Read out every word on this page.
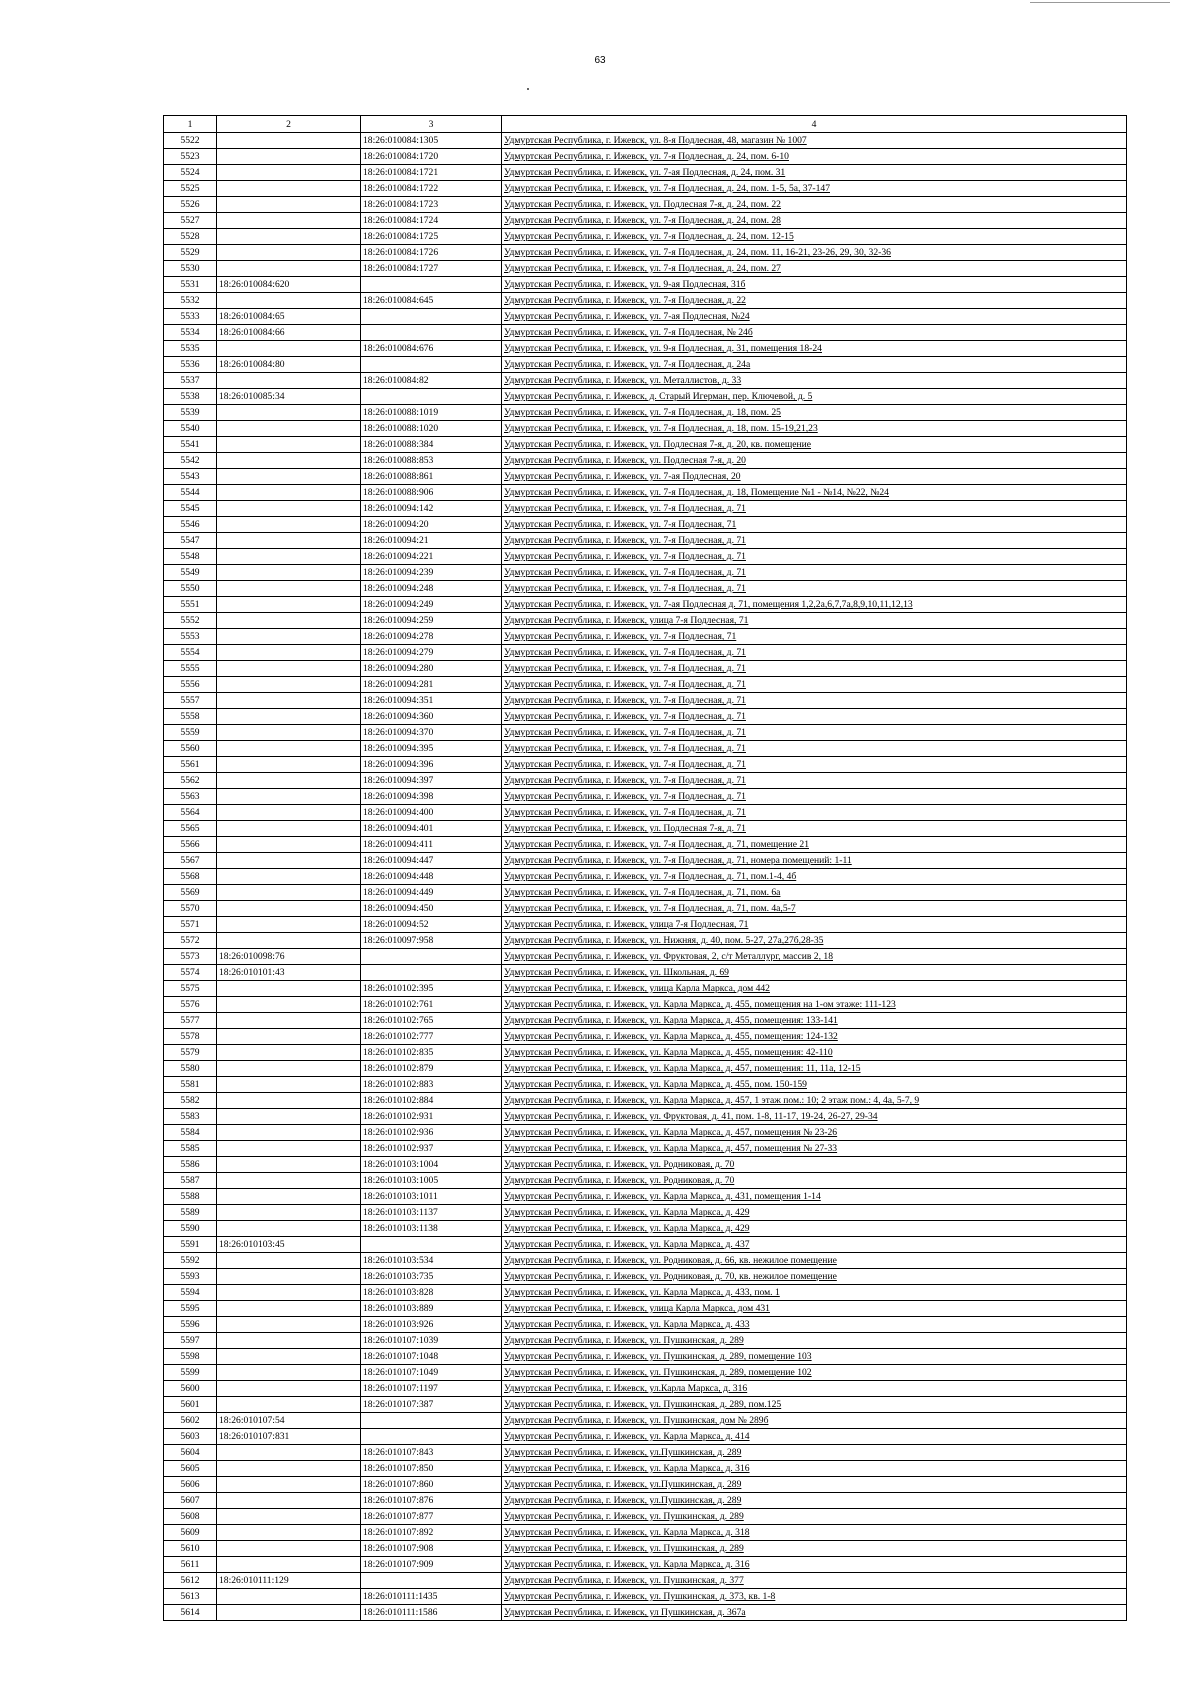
63
1	2	3	4
5522		18:26:010084:1305	Удмуртская Республика, г. Ижевск, ул. 8-я Подлесная, 48, магазин № 1007
5523		18:26:010084:1720	Удмуртская Республика, г. Ижевск, ул. 7-я Подлесная, д. 24, пом. 6-10
5524		18:26:010084:1721	Удмуртская Республика, г. Ижевск, ул. 7-ая Подлесная, д. 24, пом. 31
5525		18:26:010084:1722	Удмуртская Республика, г. Ижевск, ул. 7-я Подлесная, д. 24, пом. 1-5, 5а, 37-147
5526		18:26:010084:1723	Удмуртская Республика, г. Ижевск, ул. Подлесная 7-я, д. 24, пом. 22
5527		18:26:010084:1724	Удмуртская Республика, г. Ижевск, ул. 7-я Подлесная, д. 24, пом. 28
5528		18:26:010084:1725	Удмуртская Республика, г. Ижевск, ул. 7-я Подлесная, д. 24, пом. 12-15
5529		18:26:010084:1726	Удмуртская Республика, г. Ижевск, ул. 7-я Подлесная, д. 24, пом. 11, 16-21, 23-26, 29, 30, 32-36
5530		18:26:010084:1727	Удмуртская Республика, г. Ижевск, ул. 7-я Подлесная, д. 24, пом. 27
5531	18:26:010084:620		Удмуртская Республика, г. Ижевск, ул. 9-ая Подлесная, 31б
5532		18:26:010084:645	Удмуртская Республика, г. Ижевск, ул. 7-я Подлесная, д. 22
5533	18:26:010084:65		Удмуртская Республика, г. Ижевск, ул. 7-ая Подлесная, №24
5534	18:26:010084:66		Удмуртская Республика, г. Ижевск, ул. 7-я Подлесная, № 24б
5535		18:26:010084:676	Удмуртская Республика, г. Ижевск, ул. 9-я Подлесная, д. 31, помещения 18-24
5536	18:26:010084:80		Удмуртская Республика, г. Ижевск, ул. 7-я Подлесная, д. 24а
5537		18:26:010084:82	Удмуртская Республика, г. Ижевск, ул. Металлистов, д. 33
5538	18:26:010085:34		Удмуртская Республика, г. Ижевск, д. Старый Игерман, пер. Ключевой, д. 5
5539		18:26:010088:1019	Удмуртская Республика, г. Ижевск, ул. 7-я Подлесная, д. 18, пом. 25
5540		18:26:010088:1020	Удмуртская Республика, г. Ижевск, ул. 7-я Подлесная, д. 18, пом. 15-19,21,23
5541		18:26:010088:384	Удмуртская Республика, г. Ижевск, ул. Подлесная 7-я, д. 20, кв. помещение
5542		18:26:010088:853	Удмуртская Республика, г. Ижевск, ул. Подлесная 7-я, д. 20
5543		18:26:010088:861	Удмуртская Республика, г. Ижевск, ул. 7-ая Подлесная, 20
5544		18:26:010088:906	Удмуртская Республика, г. Ижевск, ул. 7-я Подлесная, д. 18, Помещение №1 - №14, №22, №24
5545		18:26:010094:142	Удмуртская Республика, г. Ижевск, ул. 7-я Подлесная, д. 71
5546		18:26:010094:20	Удмуртская Республика, г. Ижевск, ул. 7-я Подлесная, 71
5547		18:26:010094:21	Удмуртская Республика, г. Ижевск, ул. 7-я Подлесная, д. 71
5548		18:26:010094:221	Удмуртская Республика, г. Ижевск, ул. 7-я Подлесная, д. 71
5549		18:26:010094:239	Удмуртская Республика, г. Ижевск, ул. 7-я Подлесная, д. 71
5550		18:26:010094:248	Удмуртская Республика, г. Ижевск, ул. 7-я Подлесная, д. 71
5551		18:26:010094:249	Удмуртская Республика, г. Ижевск, ул. 7-ая Подлесная д. 71, помещения 1,2,2а,6,7,7а,8,9,10,11,12,13
5552		18:26:010094:259	Удмуртская Республика, г. Ижевск, улица 7-я Подлесная, 71
5553		18:26:010094:278	Удмуртская Республика, г. Ижевск, ул. 7-я Подлесная, 71
5554		18:26:010094:279	Удмуртская Республика, г. Ижевск, ул. 7-я Подлесная, д. 71
5555		18:26:010094:280	Удмуртская Республика, г. Ижевск, ул. 7-я Подлесная, д. 71
5556		18:26:010094:281	Удмуртская Республика, г. Ижевск, ул. 7-я Подлесная, д. 71
5557		18:26:010094:351	Удмуртская Республика, г. Ижевск, ул. 7-я Подлесная, д. 71
5558		18:26:010094:360	Удмуртская Республика, г. Ижевск, ул. 7-я Подлесная, д. 71
5559		18:26:010094:370	Удмуртская Республика, г. Ижевск, ул. 7-я Подлесная, д. 71
5560		18:26:010094:395	Удмуртская Республика, г. Ижевск, ул. 7-я Подлесная, д. 71
5561		18:26:010094:396	Удмуртская Республика, г. Ижевск, ул. 7-я Подлесная, д. 71
5562		18:26:010094:397	Удмуртская Республика, г. Ижевск, ул. 7-я Подлесная, д. 71
5563		18:26:010094:398	Удмуртская Республика, г. Ижевск, ул. 7-я Подлесная, д. 71
5564		18:26:010094:400	Удмуртская Республика, г. Ижевск, ул. 7-я Подлесная, д. 71
5565		18:26:010094:401	Удмуртская Республика, г. Ижевск, ул. Подлесная 7-я, д. 71
5566		18:26:010094:411	Удмуртская Республика, г. Ижевск, ул. 7-я Подлесная, д. 71, помещение 21
5567		18:26:010094:447	Удмуртская Республика, г. Ижевск, ул. 7-я Подлесная, д. 71, номера помещений: 1-11
5568		18:26:010094:448	Удмуртская Республика, г. Ижевск, ул. 7-я Подлесная, д. 71, пом.1-4, 4б
5569		18:26:010094:449	Удмуртская Республика, г. Ижевск, ул. 7-я Подлесная, д. 71, пом. 6а
5570		18:26:010094:450	Удмуртская Республика, г. Ижевск, ул. 7-я Подлесная, д. 71, пом. 4а,5-7
5571		18:26:010094:52	Удмуртская Республика, г. Ижевск, улица 7-я Подлесная, 71
5572		18:26:010097:958	Удмуртская Республика, г. Ижевск, ул. Нижняя, д. 40, пом. 5-27, 27а,27б,28-35
5573	18:26:010098:76		Удмуртская Республика, г. Ижевск, ул. Фруктовая, 2, с/т Металлург, массив 2, 18
5574	18:26:010101:43		Удмуртская Республика, г. Ижевск, ул. Школьная, д. 69
5575		18:26:010102:395	Удмуртская Республика, г. Ижевск, улица Карла Маркса, дом 442
5576		18:26:010102:761	Удмуртская Республика, г. Ижевск, ул. Карла Маркса, д. 455, помещения на 1-ом этаже: 111-123
5577		18:26:010102:765	Удмуртская Республика, г. Ижевск, ул. Карла Маркса, д. 455, помещения: 133-141
5578		18:26:010102:777	Удмуртская Республика, г. Ижевск, ул. Карла Маркса, д. 455, помещения: 124-132
5579		18:26:010102:835	Удмуртская Республика, г. Ижевск, ул. Карла Маркса, д. 455, помещения: 42-110
5580		18:26:010102:879	Удмуртская Республика, г. Ижевск, ул. Карла Маркса, д. 457, помещения: 11, 11а, 12-15
5581		18:26:010102:883	Удмуртская Республика, г. Ижевск, ул. Карла Маркса, д. 455, пом. 150-159
5582		18:26:010102:884	Удмуртская Республика, г. Ижевск, ул. Карла Маркса, д. 457, 1 этаж пом.: 10; 2 этаж пом.: 4, 4а, 5-7, 9
5583		18:26:010102:931	Удмуртская Республика, г. Ижевск, ул. Фруктовая, д. 41, пом. 1-8, 11-17, 19-24, 26-27, 29-34
5584		18:26:010102:936	Удмуртская Республика, г. Ижевск, ул. Карла Маркса, д. 457, помещения № 23-26
5585		18:26:010102:937	Удмуртская Республика, г. Ижевск, ул. Карла Маркса, д. 457, помещения № 27-33
5586		18:26:010103:1004	Удмуртская Республика, г. Ижевск, ул. Родниковая, д. 70
5587		18:26:010103:1005	Удмуртская Республика, г. Ижевск, ул. Родниковая, д. 70
5588		18:26:010103:1011	Удмуртская Республика, г. Ижевск, ул. Карла Маркса, д. 431, помещения 1-14
5589		18:26:010103:1137	Удмуртская Республика, г. Ижевск, ул. Карла Маркса, д. 429
5590		18:26:010103:1138	Удмуртская Республика, г. Ижевск, ул. Карла Маркса, д. 429
5591	18:26:010103:45		Удмуртская Республика, г. Ижевск, ул. Карла Маркса, д. 437
5592		18:26:010103:534	Удмуртская Республика, г. Ижевск, ул. Родниковая, д. 66, кв. нежилое помещение
5593		18:26:010103:735	Удмуртская Республика, г. Ижевск, ул. Родниковая, д. 70, кв. нежилое помещение
5594		18:26:010103:828	Удмуртская Республика, г. Ижевск, ул. Карла Маркса, д. 433, пом. 1
5595		18:26:010103:889	Удмуртская Республика, г. Ижевск, улица Карла Маркса, дом 431
5596		18:26:010103:926	Удмуртская Республика, г. Ижевск, ул. Карла Маркса, д. 433
5597		18:26:010107:1039	Удмуртская Республика, г. Ижевск, ул. Пушкинская, д. 289
5598		18:26:010107:1048	Удмуртская Республика, г. Ижевск, ул. Пушкинская, д. 289, помещение 103
5599		18:26:010107:1049	Удмуртская Республика, г. Ижевск, ул. Пушкинская, д. 289, помещение 102
5600		18:26:010107:1197	Удмуртская Республика, г. Ижевск, ул.Карла Маркса, д. 316
5601		18:26:010107:387	Удмуртская Республика, г. Ижевск, ул. Пушкинская, д. 289, пом.125
5602	18:26:010107:54		Удмуртская Республика, г. Ижевск, ул. Пушкинская, дом № 289б
5603	18:26:010107:831		Удмуртская Республика, г. Ижевск, ул. Карла Маркса, д. 414
5604		18:26:010107:843	Удмуртская Республика, г. Ижевск, ул.Пушкинская, д. 289
5605		18:26:010107:850	Удмуртская Республика, г. Ижевск, ул. Карла Маркса, д. 316
5606		18:26:010107:860	Удмуртская Республика, г. Ижевск, ул.Пушкинская, д. 289
5607		18:26:010107:876	Удмуртская Республика, г. Ижевск, ул.Пушкинская, д. 289
5608		18:26:010107:877	Удмуртская Республика, г. Ижевск, ул. Пушкинская, д. 289
5609		18:26:010107:892	Удмуртская Республика, г. Ижевск, ул. Карла Маркса, д. 318
5610		18:26:010107:908	Удмуртская Республика, г. Ижевск, ул. Пушкинская, д. 289
5611		18:26:010107:909	Удмуртская Республика, г. Ижевск, ул. Карла Маркса, д. 316
5612	18:26:010111:129		Удмуртская Республика, г. Ижевск, ул. Пушкинская, д. 377
5613		18:26:010111:1435	Удмуртская Республика, г. Ижевск, ул. Пушкинская, д. 373, кв. 1-8
5614		18:26:010111:1586	Удмуртская Республика, г. Ижевск, ул Пушкинская, д. 367а
